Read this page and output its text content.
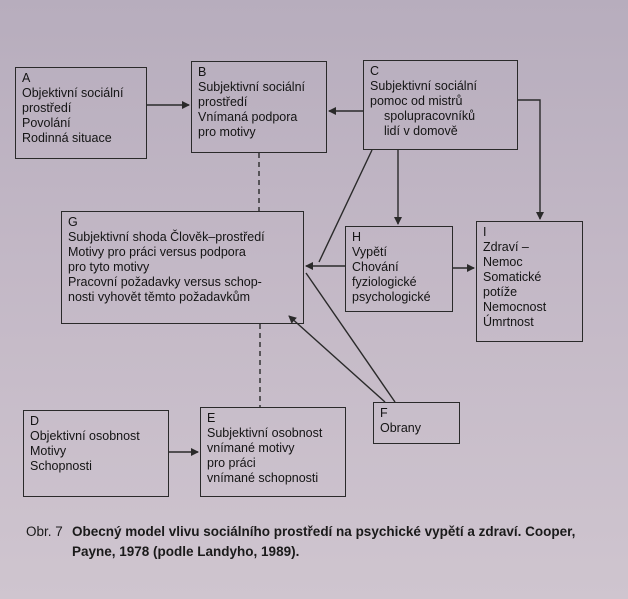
A
Objektivní sociální
prostředí
Povolání
Rodinná situace
B
Subjektivní sociální
prostředí
Vnímaná podpora
pro motivy
C
Subjektivní sociální
pomoc od mistrů
spolupracovníků
lidí v domově
G
Subjektivní shoda Člověk–prostředí
Motivy pro práci versus podpora
pro tyto motivy
Pracovní požadavky versus schop-
nosti vyhovět těmto požadavkům
H
Vypětí
Chování
fyziologické
psychologické
I
Zdraví –
Nemoc
Somatické
potíže
Nemocnost
Úmrtnost
D
Objektivní osobnost
Motivy
Schopnosti
E
Subjektivní osobnost
vnímané motivy
pro práci
vnímané schopnosti
F
Obrany
Obr. 7 Obecný model vlivu sociálního prostředí na psychické vypětí a zdraví. Cooper, Payne, 1978 (podle Landyho, 1989).
